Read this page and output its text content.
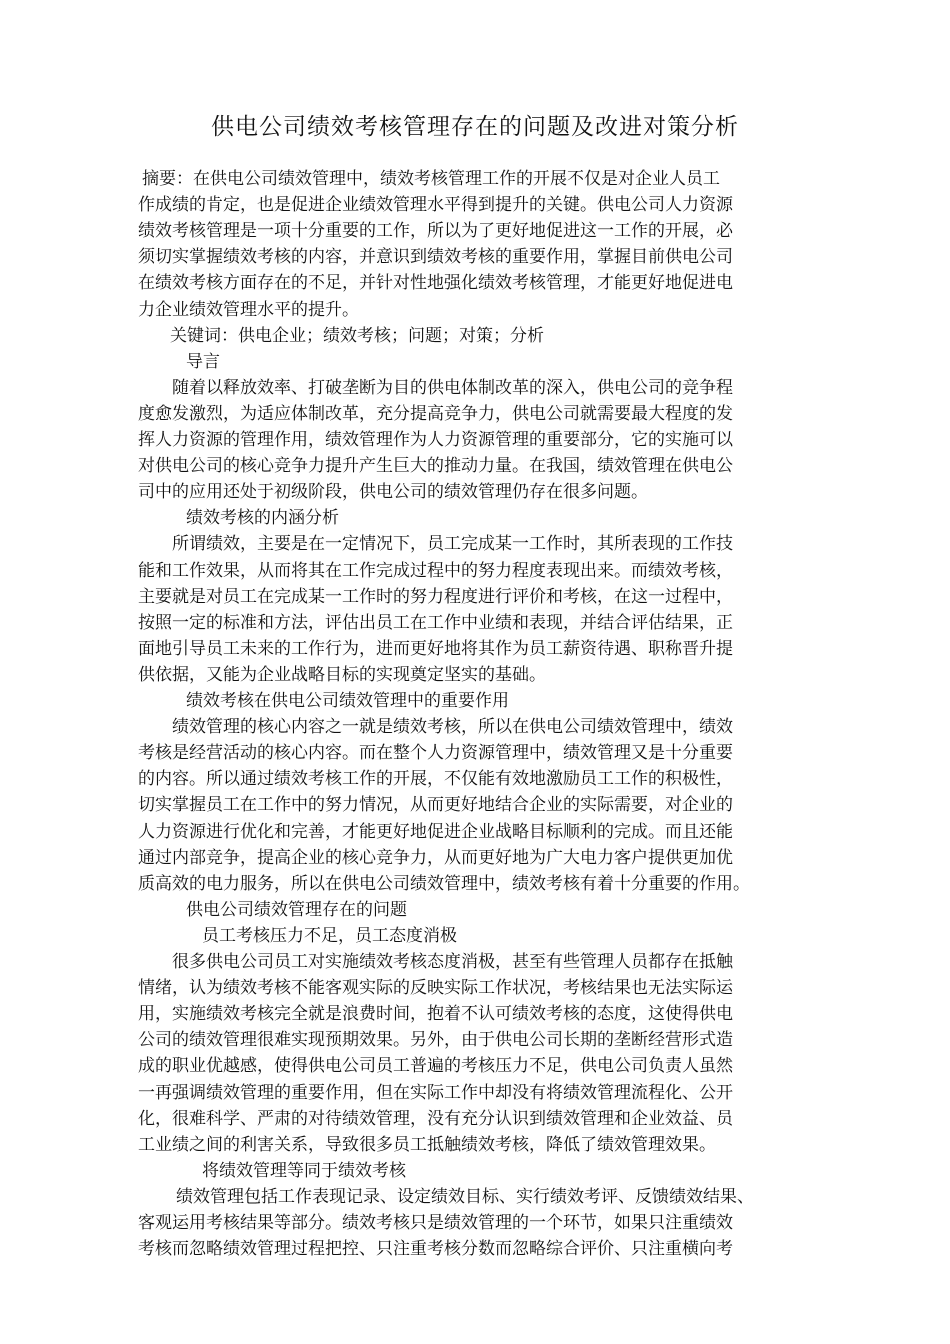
供电公司绩效考核管理存在的问题及改进对策分析
摘要：在供电公司绩效管理中，绩效考核管理工作的开展不仅是对企业人员工
作成绩的肯定，也是促进企业绩效管理水平得到提升的关键。供电公司人力资源
绩效考核管理是一项十分重要的工作，所以为了更好地促进这一工作的开展，必
须切实掌握绩效考核的内容，并意识到绩效考核的重要作用，掌握目前供电公司
在绩效考核方面存在的不足，并针对性地强化绩效考核管理，才能更好地促进电
力企业绩效管理水平的提升。
关键词：供电企业；绩效考核；问题；对策；分析
导言
随着以释放效率、打破垄断为目的供电体制改革的深入，供电公司的竞争程
度愈发激烈，为适应体制改革，充分提高竞争力，供电公司就需要最大程度的发
挥人力资源的管理作用，绩效管理作为人力资源管理的重要部分，它的实施可以
对供电公司的核心竞争力提升产生巨大的推动力量。在我国，绩效管理在供电公
司中的应用还处于初级阶段，供电公司的绩效管理仍存在很多问题。
绩效考核的内涵分析
所谓绩效，主要是在一定情况下，员工完成某一工作时，其所表现的工作技
能和工作效果，从而将其在工作完成过程中的努力程度表现出来。而绩效考核，
主要就是对员工在完成某一工作时的努力程度进行评价和考核，在这一过程中，
按照一定的标准和方法，评估出员工在工作中业绩和表现，并结合评估结果，正
面地引导员工未来的工作行为，进而更好地将其作为员工薪资待遇、职称晋升提
供依据，又能为企业战略目标的实现奠定坚实的基础。
绩效考核在供电公司绩效管理中的重要作用
绩效管理的核心内容之一就是绩效考核，所以在供电公司绩效管理中，绩效
考核是经营活动的核心内容。而在整个人力资源管理中，绩效管理又是十分重要
的内容。所以通过绩效考核工作的开展，不仅能有效地激励员工工作的积极性，
切实掌握员工在工作中的努力情况，从而更好地结合企业的实际需要，对企业的
人力资源进行优化和完善，才能更好地促进企业战略目标顺利的完成。而且还能
通过内部竞争，提高企业的核心竞争力，从而更好地为广大电力客户提供更加优
质高效的电力服务，所以在供电公司绩效管理中，绩效考核有着十分重要的作用。
供电公司绩效管理存在的问题
员工考核压力不足，员工态度消极
很多供电公司员工对实施绩效考核态度消极，甚至有些管理人员都存在抵触
情绪，认为绩效考核不能客观实际的反映实际工作状况，考核结果也无法实际运
用，实施绩效考核完全就是浪费时间，抱着不认可绩效考核的态度，这使得供电
公司的绩效管理很难实现预期效果。另外，由于供电公司长期的垄断经营形式造
成的职业优越感，使得供电公司员工普遍的考核压力不足，供电公司负责人虽然
一再强调绩效管理的重要作用，但在实际工作中却没有将绩效管理流程化、公开
化，很难科学、严肃的对待绩效管理，没有充分认识到绩效管理和企业效益、员
工业绩之间的利害关系，导致很多员工抵触绩效考核，降低了绩效管理效果。
将绩效管理等同于绩效考核
绩效管理包括工作表现记录、设定绩效目标、实行绩效考评、反馈绩效结果、
客观运用考核结果等部分。绩效考核只是绩效管理的一个环节，如果只注重绩效
考核而忽略绩效管理过程把控、只注重考核分数而忽略综合评价、只注重横向考
